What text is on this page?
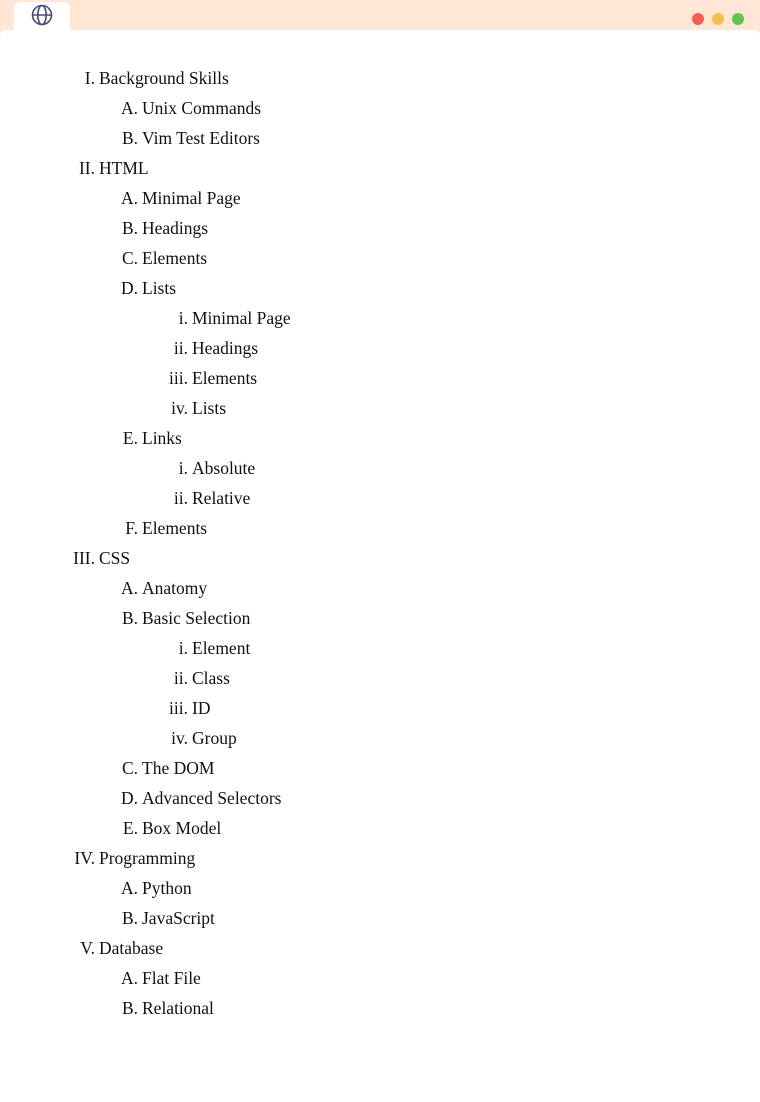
I. Background Skills
A. Unix Commands
B. Vim Test Editors
II. HTML
A. Minimal Page
B. Headings
C. Elements
D. Lists
i. Minimal Page
ii. Headings
iii. Elements
iv. Lists
E. Links
i. Absolute
ii. Relative
F. Elements
III. CSS
A. Anatomy
B. Basic Selection
i. Element
ii. Class
iii. ID
iv. Group
C. The DOM
D. Advanced Selectors
E. Box Model
IV. Programming
A. Python
B. JavaScript
V. Database
A. Flat File
B. Relational
